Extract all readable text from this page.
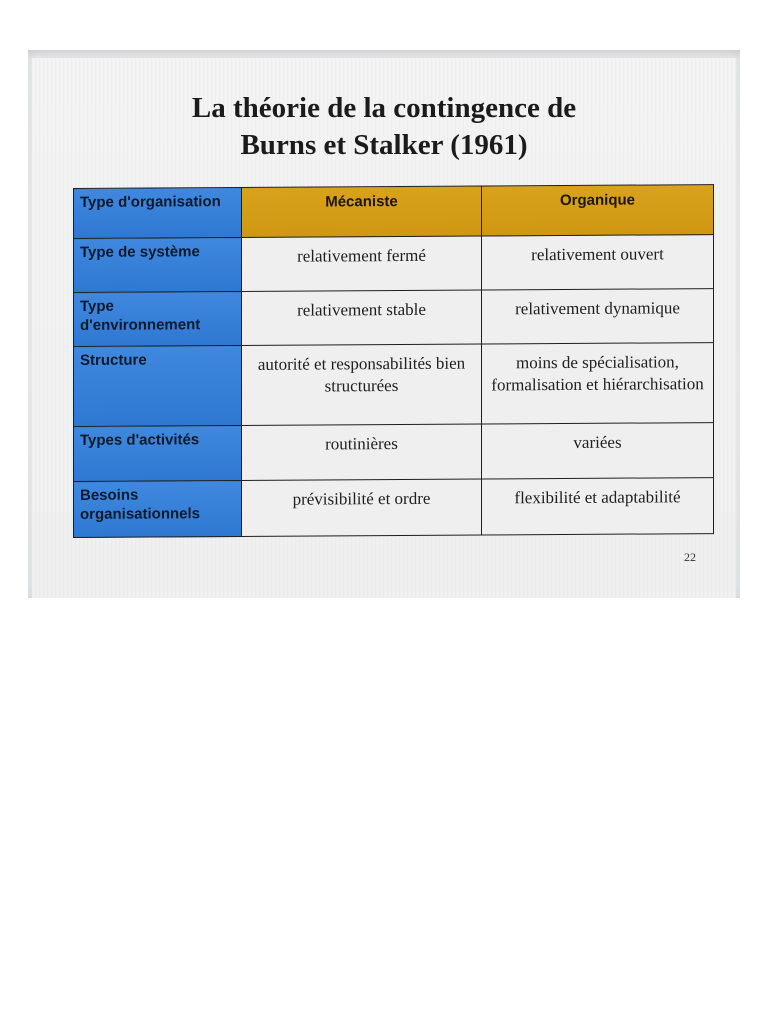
La théorie de la contingence de
Burns et Stalker (1961)
Type d'organisation	Mécaniste	Organique
Type de système	relativement fermé	relativement ouvert
Type d'environnement	relativement stable	relativement dynamique
Structure	autorité et responsabilités bien structurées	moins de spécialisation, formalisation et hiérarchisation
Types d'activités	routinières	variées
Besoins organisationnels	prévisibilité et ordre	flexibilité et adaptabilité
22
